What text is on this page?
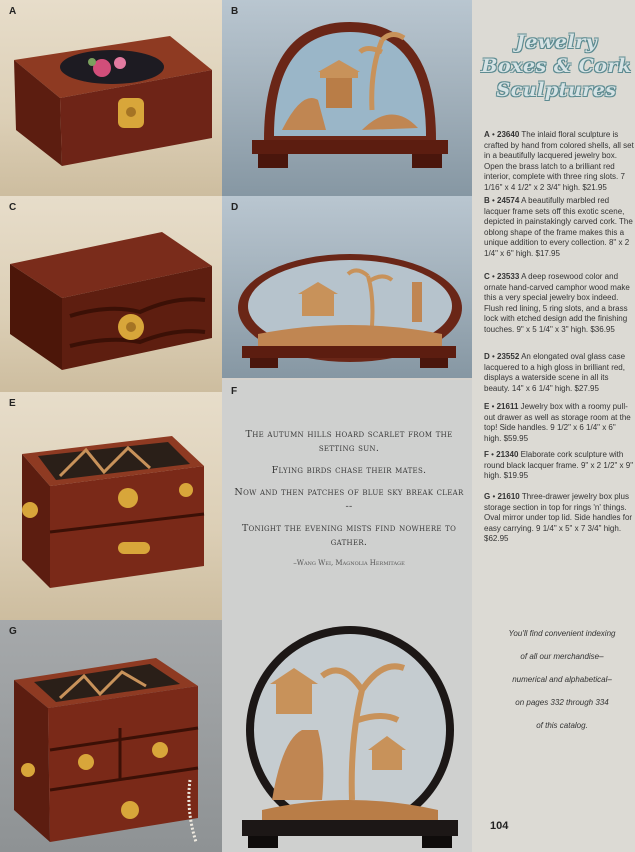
A	B
C	D
E
F

The autumn hills hoard scarlet from the setting sun.

Flying birds chase their mates.

Now and then patches of blue sky break clear --

Tonight the evening mists find nowhere to gather.

–Wang Wei, Magnolia Hermitage
G
Jewelry
Boxes & Cork
Sculptures
A • 23640 The inlaid floral sculpture is crafted by hand from colored shells, all set in a beautifully lacquered jewelry box. Open the brass latch to a brilliant red interior, complete with three ring slots. 7 1/16" x 4 1/2" x 2 3/4" high. $21.95
B • 24574 A beautifully marbled red lacquer frame sets off this exotic scene, depicted in painstakingly carved cork. The oblong shape of the frame makes this a unique addition to every collection. 8" x 2 1/4" x 6" high. $17.95
C • 23533 A deep rosewood color and ornate hand-carved camphor wood make this a very special jewelry box indeed. Flush red lining, 5 ring slots, and a brass lock with etched design add the finishing touches. 9" x 5 1/4" x 3" high. $36.95
D • 23552 An elongated oval glass case lacquered to a high gloss in brilliant red, displays a waterside scene in all its beauty. 14" x 6 1/4" high. $27.95
E • 21611 Jewelry box with a roomy pull-out drawer as well as storage room at the top! Side handles. 9 1/2" x 6 1/4" x 6" high. $59.95
F • 21340 Elaborate cork sculpture with round black lacquer frame. 9" x 2 1/2" x 9" high. $19.95
G • 21610 Three-drawer jewelry box plus storage section in top for rings 'n' things. Oval mirror under top lid. Side handles for easy carrying. 9 1/4" x 5" x 7 3/4" high. $62.95
You'll find convenient indexing
of all our merchandise–
numerical and alphabetical–
on pages 332 through 334
of this catalog.
104
